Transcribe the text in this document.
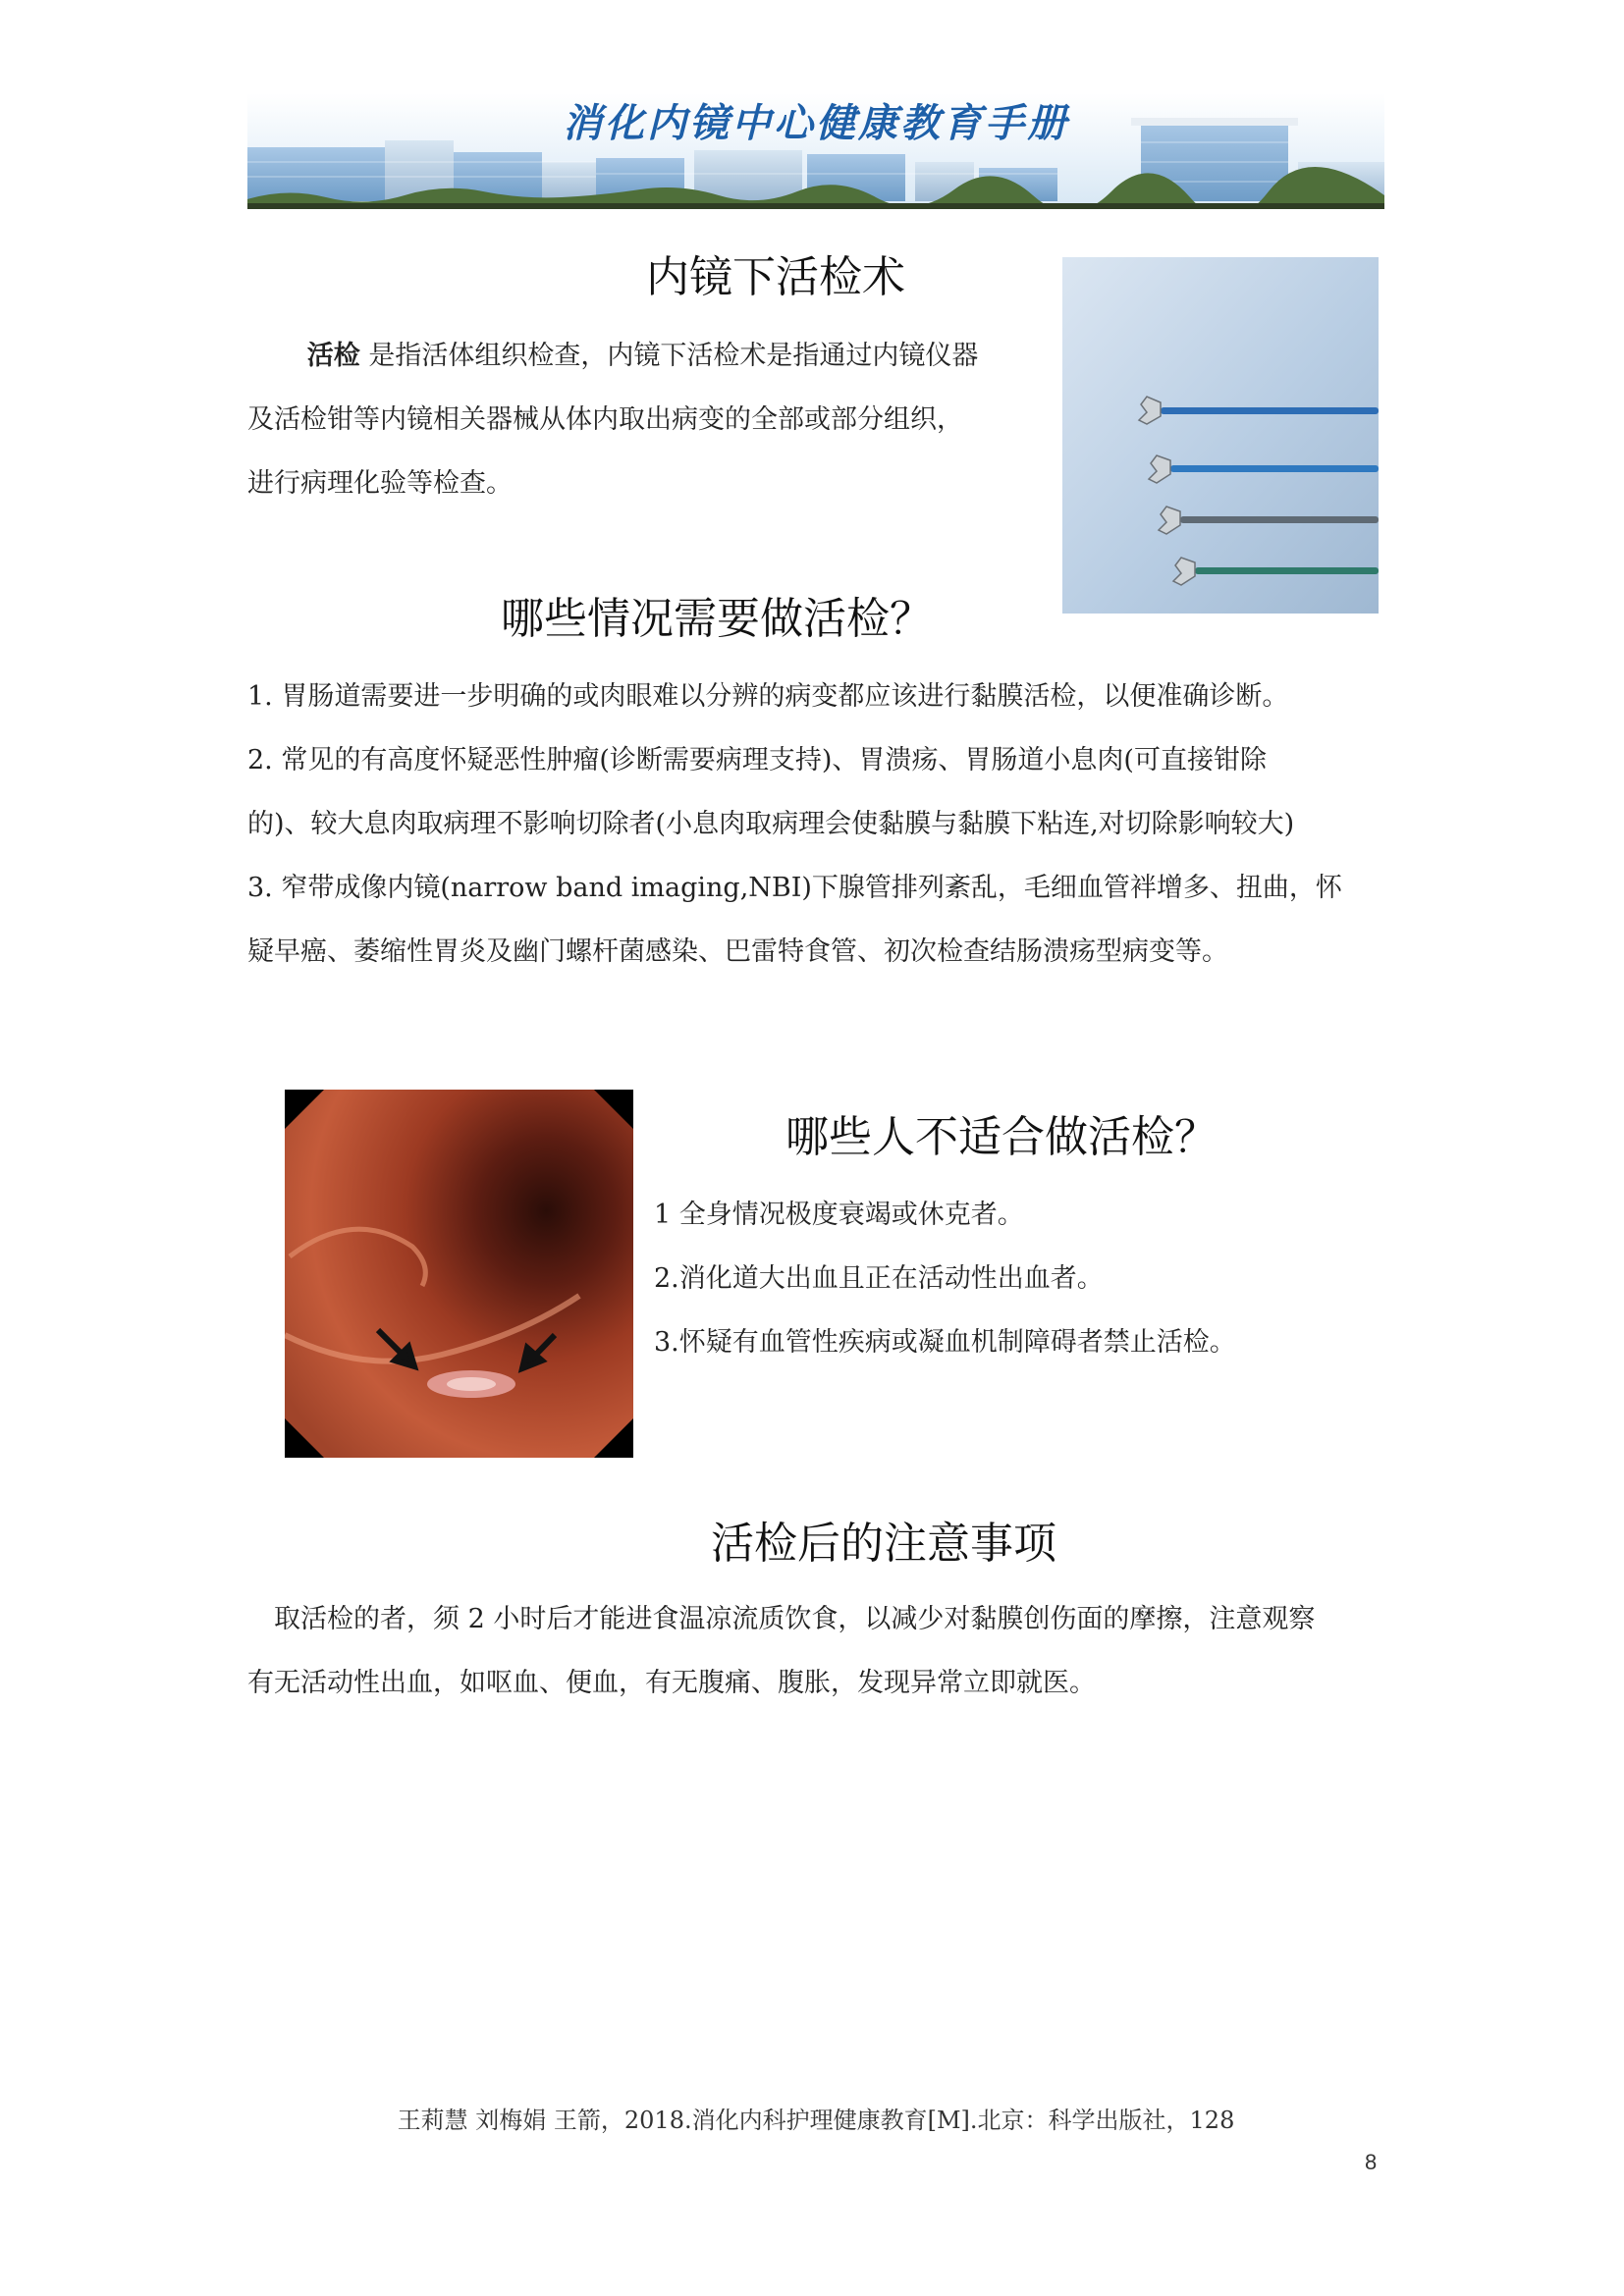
消化内镜中心健康教育手册
内镜下活检术

　　 活检 是指活体组织检查，内镜下活检术是指通过内镜仪器

及活检钳等内镜相关器械从体内取出病变的全部或部分组织，

进行病理化验等检查。

哪些情况需要做活检？

1. 胃肠道需要进一步明确的或肉眼难以分辨的病变都应该进行黏膜活检，以便准确诊断。

2. 常见的有高度怀疑恶性肿瘤(诊断需要病理支持)、胃溃疡、胃肠道小息肉(可直接钳除

的)、较大息肉取病理不影响切除者(小息肉取病理会使黏膜与黏膜下粘连,对切除影响较大)

3. 窄带成像内镜(narrow band imaging,NBI)下腺管排列紊乱，毛细血管袢增多、扭曲，怀

疑早癌、萎缩性胃炎及幽门螺杆菌感染、巴雷特食管、初次检查结肠溃疡型病变等。

哪些人不适合做活检？

1 全身情况极度衰竭或休克者。

2.消化道大出血且正在活动性出血者。

3.怀疑有血管性疾病或凝血机制障碍者禁止活检。

活检后的注意事项

 取活检的者，须 2 小时后才能进食温凉流质饮食，以减少对黏膜创伤面的摩擦，注意观察

有无活动性出血，如呕血、便血，有无腹痛、腹胀，发现异常立即就医。

王莉慧 刘梅娟 王箭，2018.消化内科护理健康教育[M].北京：科学出版社，128
8
